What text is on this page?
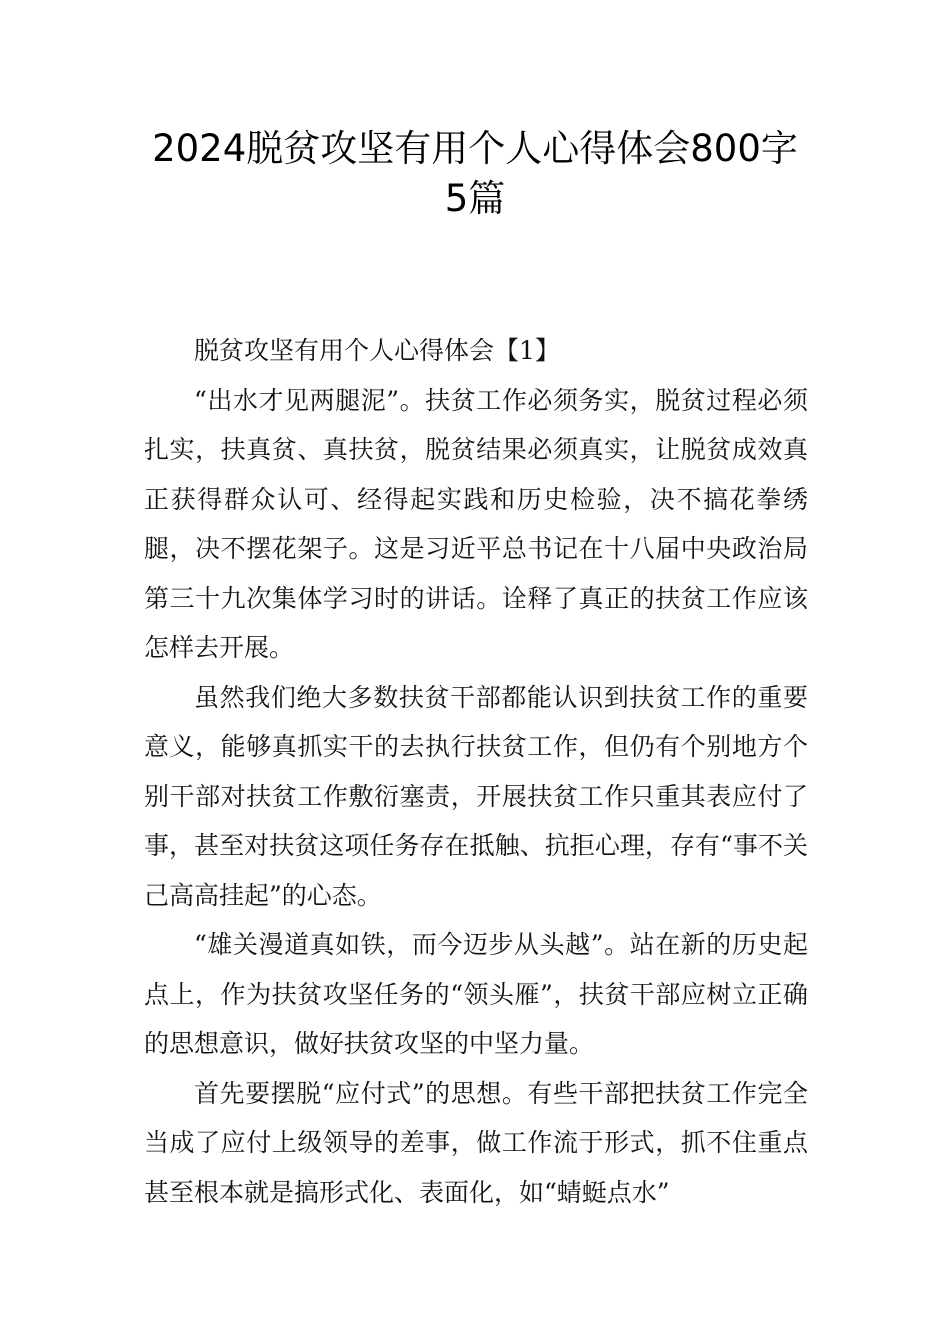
2024脱贫攻坚有用个人心得体会800字
5篇

脱贫攻坚有用个人心得体会【1】

“出水才见两腿泥”。扶贫工作必须务实，脱贫过程必须扎实，扶真贫、真扶贫，脱贫结果必须真实，让脱贫成效真正获得群众认可、经得起实践和历史检验，决不搞花拳绣腿，决不摆花架子。这是习近平总书记在十八届中央政治局第三十九次集体学习时的讲话。诠释了真正的扶贫工作应该怎样去开展。

虽然我们绝大多数扶贫干部都能认识到扶贫工作的重要意义，能够真抓实干的去执行扶贫工作，但仍有个别地方个别干部对扶贫工作敷衍塞责，开展扶贫工作只重其表应付了事，甚至对扶贫这项任务存在抵触、抗拒心理，存有“事不关己高高挂起”的心态。

“雄关漫道真如铁，而今迈步从头越”。站在新的历史起点上，作为扶贫攻坚任务的“领头雁”，扶贫干部应树立正确的思想意识，做好扶贫攻坚的中坚力量。

首先要摆脱“应付式”的思想。有些干部把扶贫工作完全当成了应付上级领导的差事，做工作流于形式，抓不住重点甚至根本就是搞形式化、表面化，如“蜻蜓点水”
